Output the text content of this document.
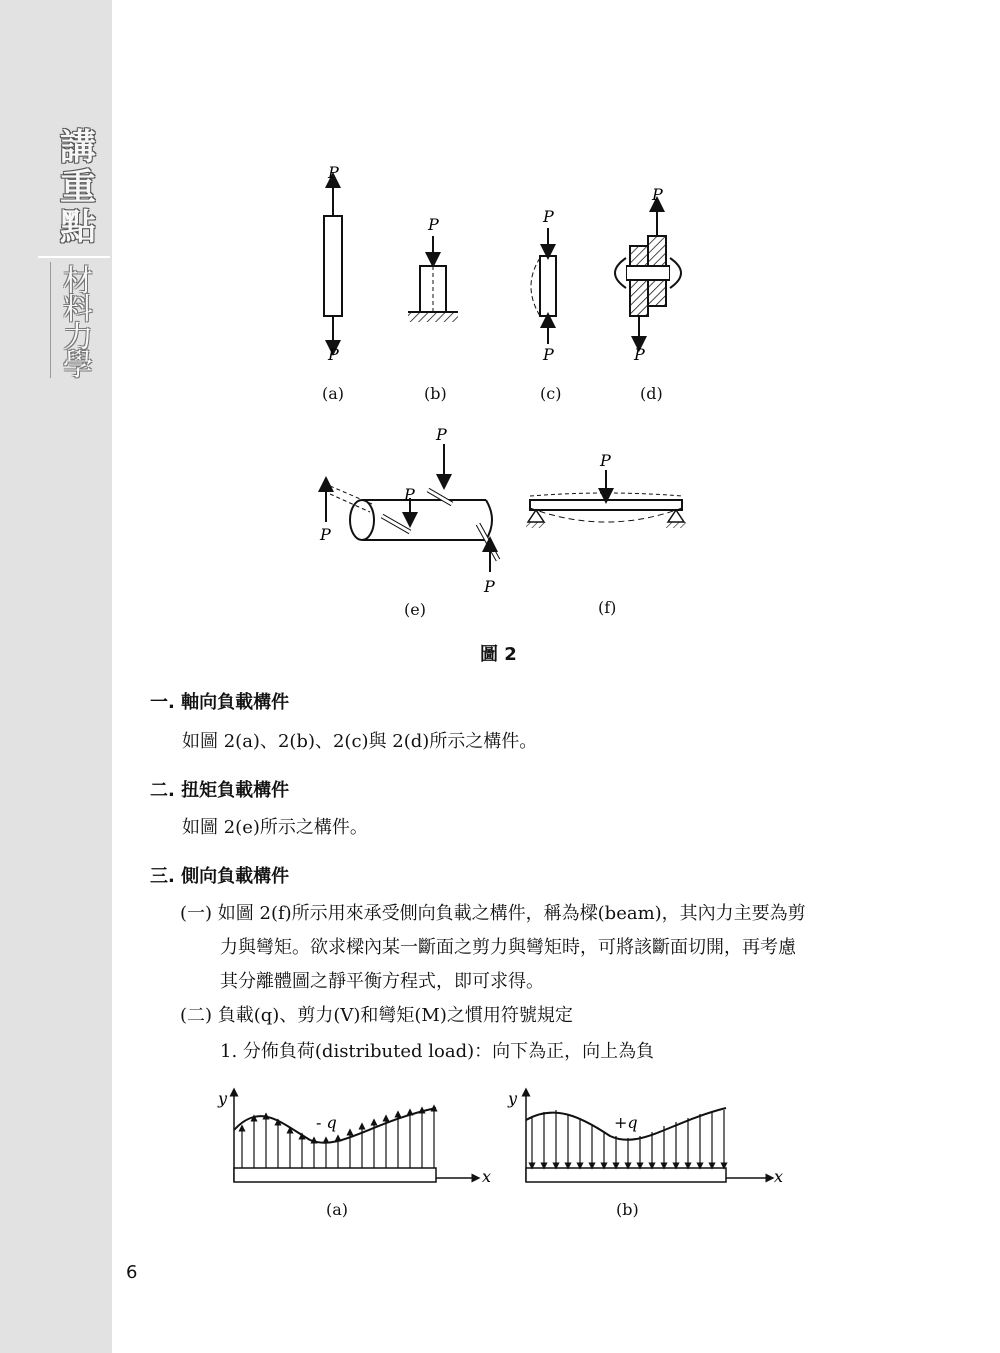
講重點
材料力學
P
P
P	P
P
P
P
(a)	(b)	(c)	(d)
P
P
P
P
P
(e)	(f)
圖 2
一. 軸向負載構件
如圖 2(a)、2(b)、2(c)與 2(d)所示之構件。
二. 扭矩負載構件
如圖 2(e)所示之構件。
三. 側向負載構件
(一) 如圖 2(f)所示用來承受側向負載之構件，稱為樑(beam)，其內力主要為剪
力與彎矩。欲求樑內某一斷面之剪力與彎矩時，可將該斷面切開，再考慮
其分離體圖之靜平衡方程式，即可求得。
(二) 負載(q)、剪力(V)和彎矩(M)之慣用符號規定
1. 分佈負荷(distributed load)：向下為正，向上為負
y
x
- q
y
x
+q
(a)	(b)
6
